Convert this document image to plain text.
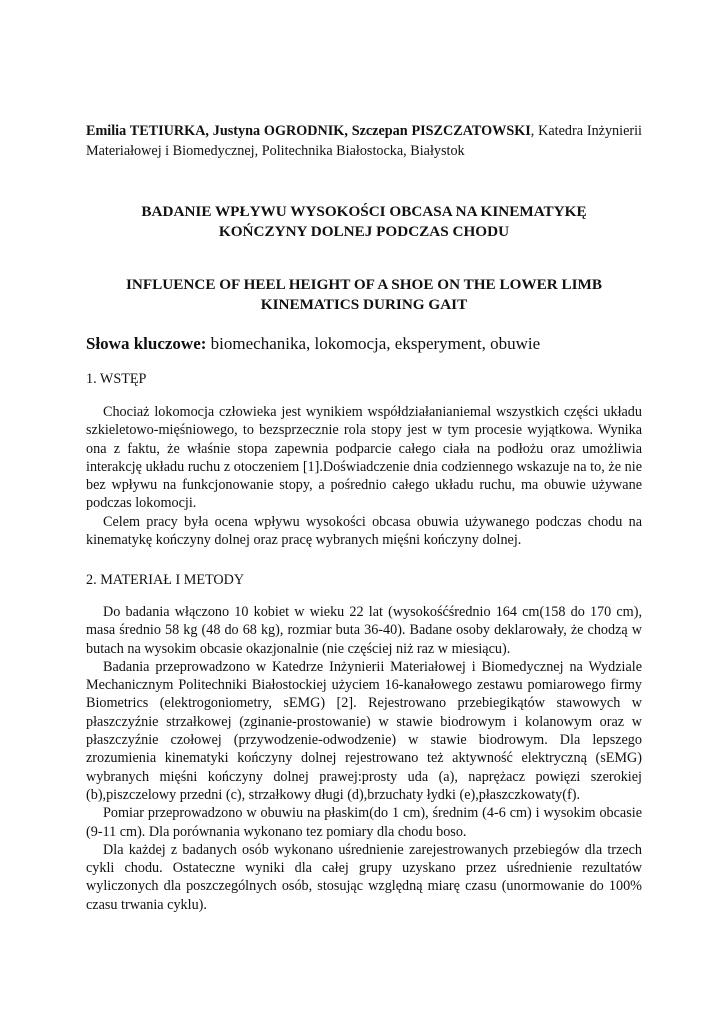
Emilia TETIURKA, Justyna OGRODNIK, Szczepan PISZCZATOWSKI, Katedra Inżynierii Materiałowej i Biomedycznej, Politechnika Białostocka, Białystok
BADANIE WPŁYWU WYSOKOŚCI OBCASA NA KINEMATYKĘ
KOŃCZYNY DOLNEJ PODCZAS CHODU
INFLUENCE OF HEEL HEIGHT OF A SHOE ON THE LOWER LIMB
KINEMATICS DURING GAIT
Słowa kluczowe: biomechanika, lokomocja, eksperyment, obuwie
1. WSTĘP

Chociaż lokomocja człowieka jest wynikiem współdziałanianiemal wszystkich części układu szkieletowo-mięśniowego, to bezsprzecznie rola stopy jest w tym procesie wyjątkowa. Wynika ona z faktu, że właśnie stopa zapewnia podparcie całego ciała na podłożu oraz umożliwia interakcję układu ruchu z otoczeniem [1].Doświadczenie dnia codziennego wskazuje na to, że nie bez wpływu na funkcjonowanie stopy, a pośrednio całego układu ruchu, ma obuwie używane podczas lokomocji.

Celem pracy była ocena wpływu wysokości obcasa obuwia używanego podczas chodu na kinematykę kończyny dolnej oraz pracę wybranych mięśni kończyny dolnej.

2. MATERIAŁ I METODY

Do badania włączono 10 kobiet w wieku 22 lat (wysokośćśrednio 164 cm(158 do 170 cm), masa średnio 58 kg (48 do 68 kg), rozmiar buta 36-40). Badane osoby deklarowały, że chodzą w butach na wysokim obcasie okazjonalnie (nie częściej niż raz w miesiącu).

Badania przeprowadzono w Katedrze Inżynierii Materiałowej i Biomedycznej na Wydziale Mechanicznym Politechniki Białostockiej użyciem 16-kanałowego zestawu pomiarowego firmy Biometrics (elektrogoniometry, sEMG) [2]. Rejestrowano przebiegikątów stawowych w płaszczyźnie strzałkowej (zginanie-prostowanie) w stawie biodrowym i kolanowym oraz w płaszczyźnie czołowej (przywodzenie-odwodzenie) w stawie biodrowym. Dla lepszego zrozumienia kinematyki kończyny dolnej rejestrowano też aktywność elektryczną (sEMG) wybranych mięśni kończyny dolnej prawej:prosty uda (a), naprężacz powięzi szerokiej (b),piszczelowy przedni (c), strzałkowy długi (d),brzuchaty łydki (e),płaszczkowaty(f).

Pomiar przeprowadzono w obuwiu na płaskim(do 1 cm), średnim (4-6 cm) i wysokim obcasie (9-11 cm). Dla porównania wykonano tez pomiary dla chodu boso.

Dla każdej z badanych osób wykonano uśrednienie zarejestrowanych przebiegów dla trzech cykli chodu. Ostateczne wyniki dla całej grupy uzyskano przez uśrednienie rezultatów wyliczonych dla poszczególnych osób, stosując względną miarę czasu (unormowanie do 100% czasu trwania cyklu).
